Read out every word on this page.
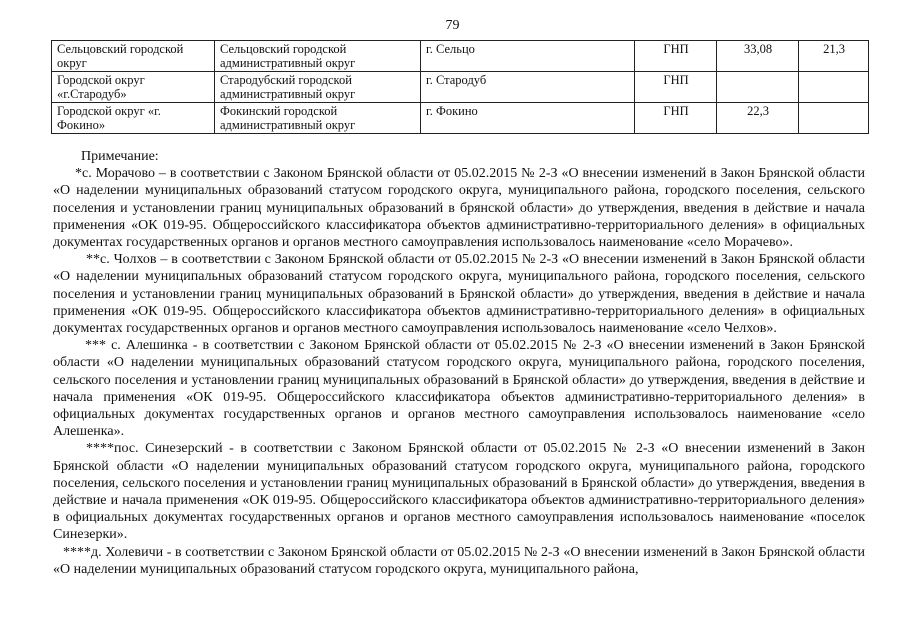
79
Сельцовский городской округ	Сельцовский городской административный округ	г. Сельцо	ГНП	33,08	21,3
Городской округ «г.Стародуб»	Стародубский городской административный округ	г. Стародуб	ГНП		
Городской округ «г. Фокино»	Фокинский городской административный округ	г. Фокино	ГНП	22,3	

Примечание:

*с. Морачово – в соответствии с Законом Брянской области от 05.02.2015 № 2-З «О внесении изменений в Закон Брянской области «О наделении муниципальных образований статусом городского округа, муниципального района, городского поселения, сельского поселения и установлении границ муниципальных образований в брянской области» до утверждения, введения в действие и начала применения «ОК 019-95. Общероссийского классификатора объектов административно-территориального деления» в официальных документах государственных органов и органов местного самоуправления использовалось наименование «село Морачево».

**с. Чолхов – в соответствии с Законом Брянской области от 05.02.2015 № 2-З «О внесении изменений в Закон Брянской области «О наделении муниципальных образований статусом городского округа, муниципального района, городского поселения, сельского поселения и установлении границ муниципальных образований в Брянской области» до утверждения, введения в действие и начала применения «ОК 019-95. Общероссийского классификатора объектов административно-территориального деления» в официальных документах государственных органов и органов местного самоуправления использовалось наименование «село Челхов».

*** с. Алешинка - в соответствии с Законом Брянской области от 05.02.2015 № 2-З «О внесении изменений в Закон Брянской области «О наделении муниципальных образований статусом городского округа, муниципального района, городского поселения, сельского поселения и установлении границ муниципальных образований в Брянской области» до утверждения, введения в действие и начала применения «ОК 019-95. Общероссийского классификатора объектов административно-территориального деления» в официальных документах государственных органов и органов местного самоуправления использовалось наименование «село Алешенка».

****пос. Синезерский - в соответствии с Законом Брянской области от 05.02.2015 № 2-З «О внесении изменений в Закон Брянской области «О наделении муниципальных образований статусом городского округа, муниципального района, городского поселения, сельского поселения и установлении границ муниципальных образований в Брянской области» до утверждения, введения в действие и начала применения «ОК 019-95. Общероссийского классификатора объектов административно-территориального деления» в официальных документах государственных органов и органов местного самоуправления использовалось наименование «поселок Синезерки».

****д. Холевичи - в соответствии с Законом Брянской области от 05.02.2015 № 2-З «О внесении изменений в Закон Брянской области «О наделении муниципальных образований статусом городского округа, муниципального района,
